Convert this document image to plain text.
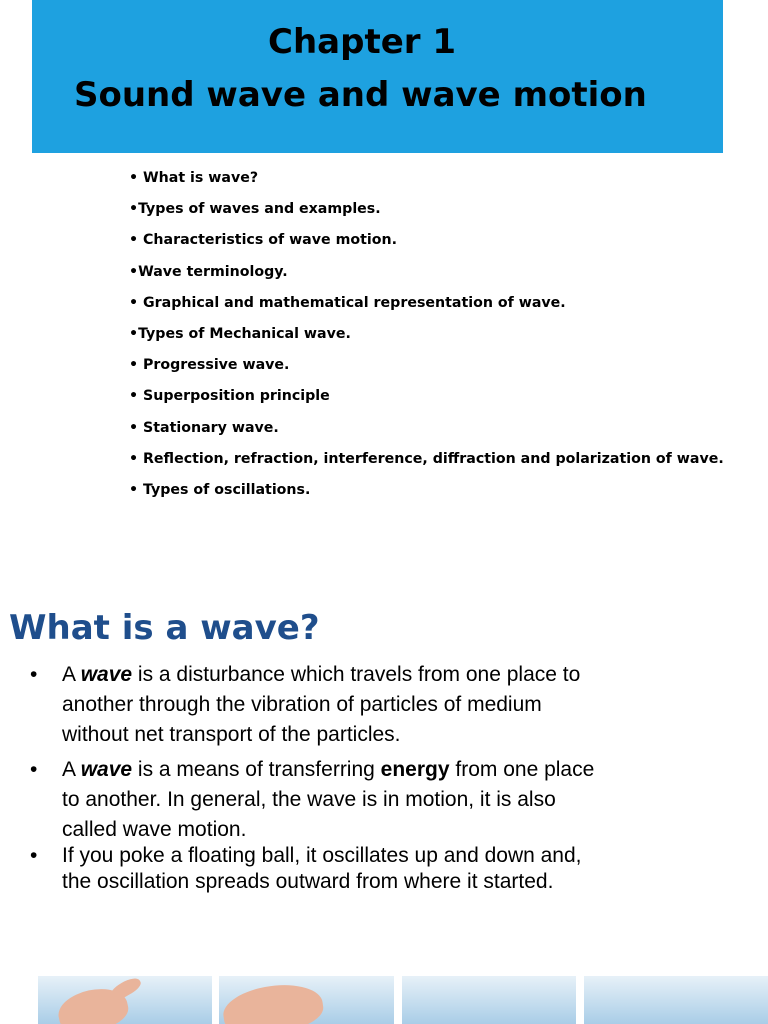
Chapter 1
Sound wave and wave motion
• What is wave?
•Types of waves and examples.
• Characteristics of wave motion.
•Wave terminology.
• Graphical and mathematical representation of wave.
•Types of Mechanical wave.
• Progressive wave.
• Superposition principle
• Stationary wave.
• Reflection, refraction, interference, diffraction and polarization of wave.
• Types of oscillations.
What is a wave?
• A wave is a disturbance which travels from one place to
another through the vibration of particles of medium
without net transport of the particles.
• A wave is a means of transferring energy from one place
to another. In general, the wave is in motion, it is also
called wave motion.
• If you poke a floating ball, it oscillates up and down and,
the oscillation spreads outward from where it started.
